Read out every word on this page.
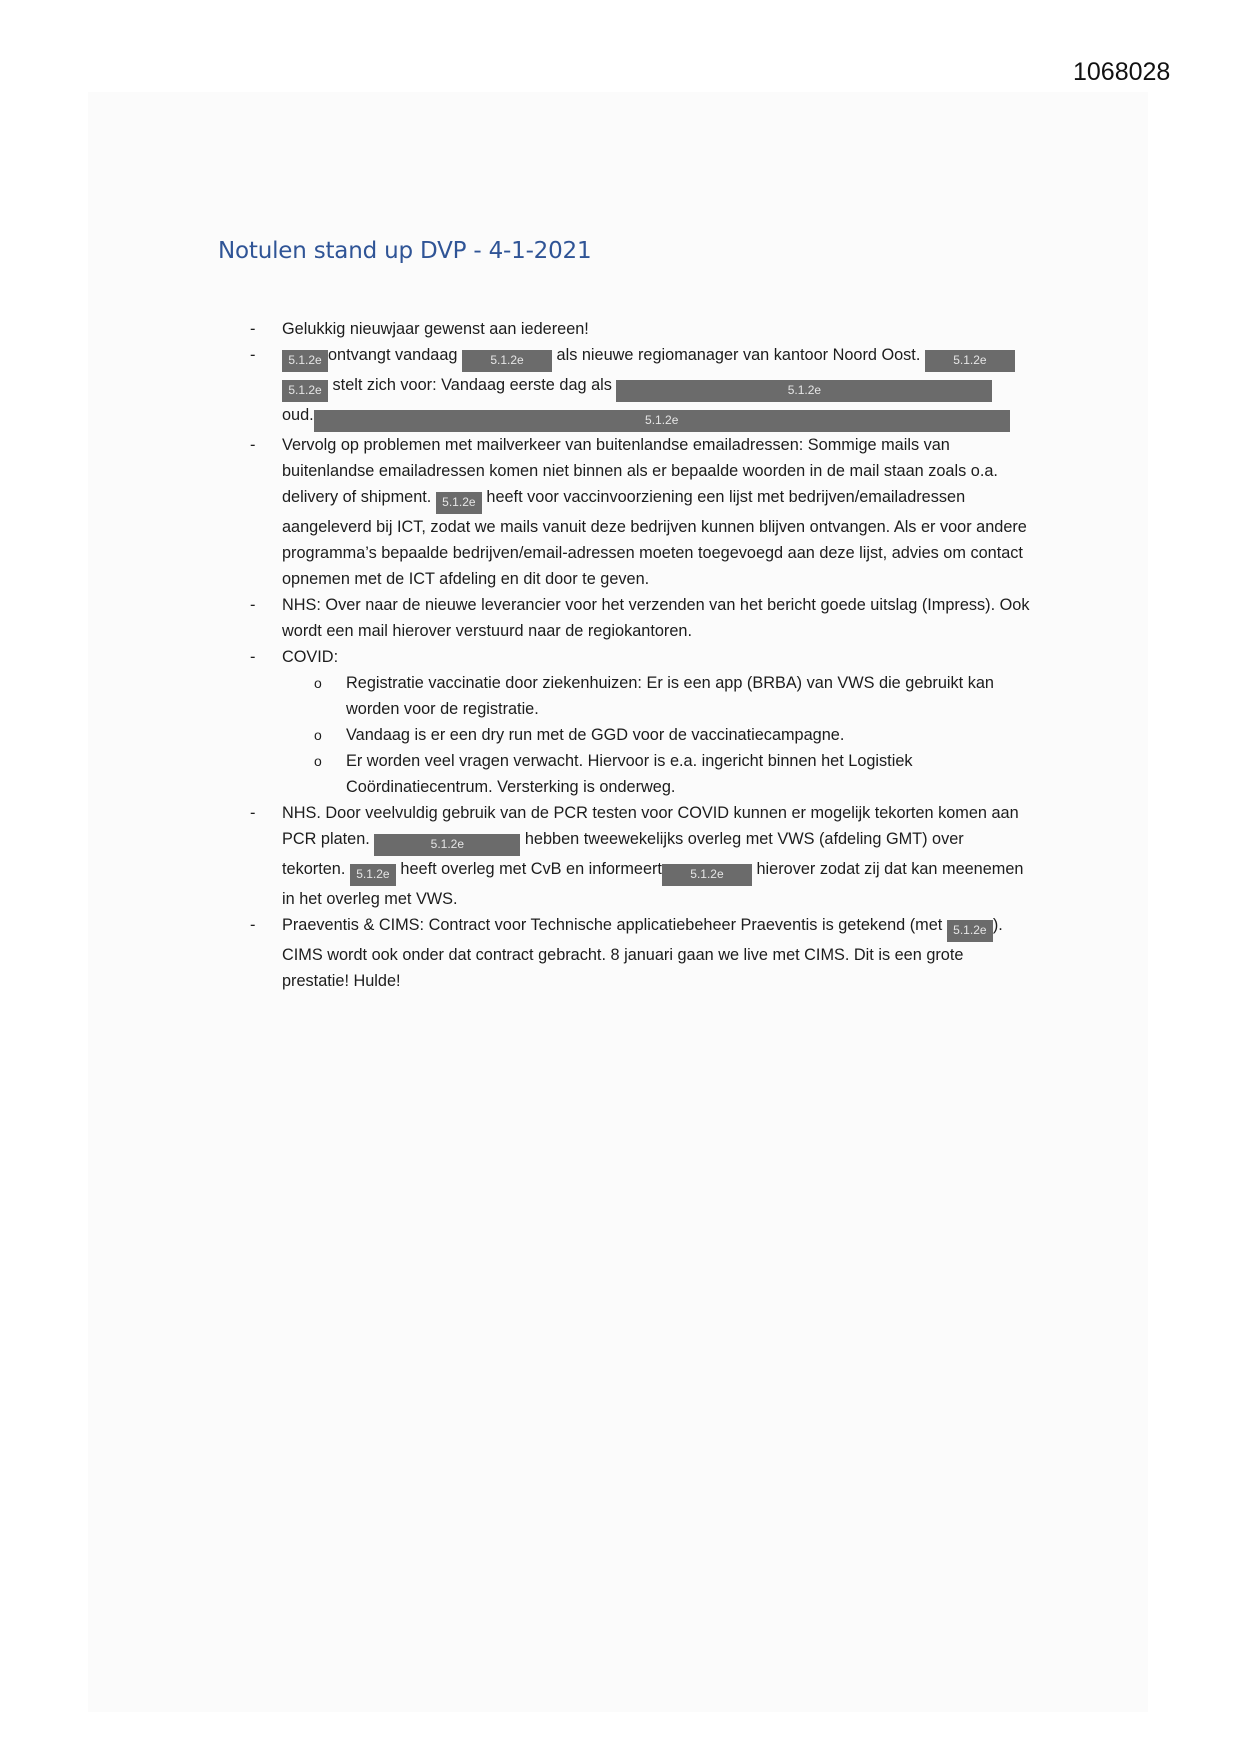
1068028
Notulen stand up DVP - 4-1-2021
- Gelukkig nieuwjaar gewenst aan iedereen!
- 5.1.2e ontvangt vandaag	5.1.2e als nieuwe regiomanager van kantoor Noord Oost.	5.1.2e
5.1.2e stelt zich voor: Vandaag eerste dag als	5.1.2e
oud.	5.1.2e
- Vervolg op problemen met mailverkeer van buitenlandse emailadressen: Sommige mails van buitenlandse emailadressen komen niet binnen als er bepaalde woorden in de mail staan zoals o.a. delivery of shipment. 5.1.2e heeft voor vaccinvoorziening een lijst met bedrijven/emailadressen aangeleverd bij ICT, zodat we mails vanuit deze bedrijven kunnen blijven ontvangen. Als er voor andere programma’s bepaalde bedrijven/email-adressen moeten toegevoegd aan deze lijst, advies om contact opnemen met de ICT afdeling en dit door te geven.
- NHS: Over naar de nieuwe leverancier voor het verzenden van het bericht goede uitslag (Impress). Ook wordt een mail hierover verstuurd naar de regiokantoren.
- COVID:
o Registratie vaccinatie door ziekenhuizen: Er is een app (BRBA) van VWS die gebruikt kan worden voor de registratie.
o Vandaag is er een dry run met de GGD voor de vaccinatiecampagne.
o Er worden veel vragen verwacht. Hiervoor is e.a. ingericht binnen het Logistiek Coördinatiecentrum. Versterking is onderweg.
- NHS. Door veelvuldig gebruik van de PCR testen voor COVID kunnen er mogelijk tekorten komen aan PCR platen.	5.1.2e	hebben tweewekelijks overleg met VWS (afdeling GMT) over tekorten. 5.1.2e heeft overleg met CvB en informeert 5.1.2e hierover zodat zij dat kan meenemen in het overleg met VWS.
- Praeventis & CIMS: Contract voor Technische applicatiebeheer Praeventis is getekend (met 5.1.2e ). CIMS wordt ook onder dat contract gebracht. 8 januari gaan we live met CIMS. Dit is een grote prestatie! Hulde!
